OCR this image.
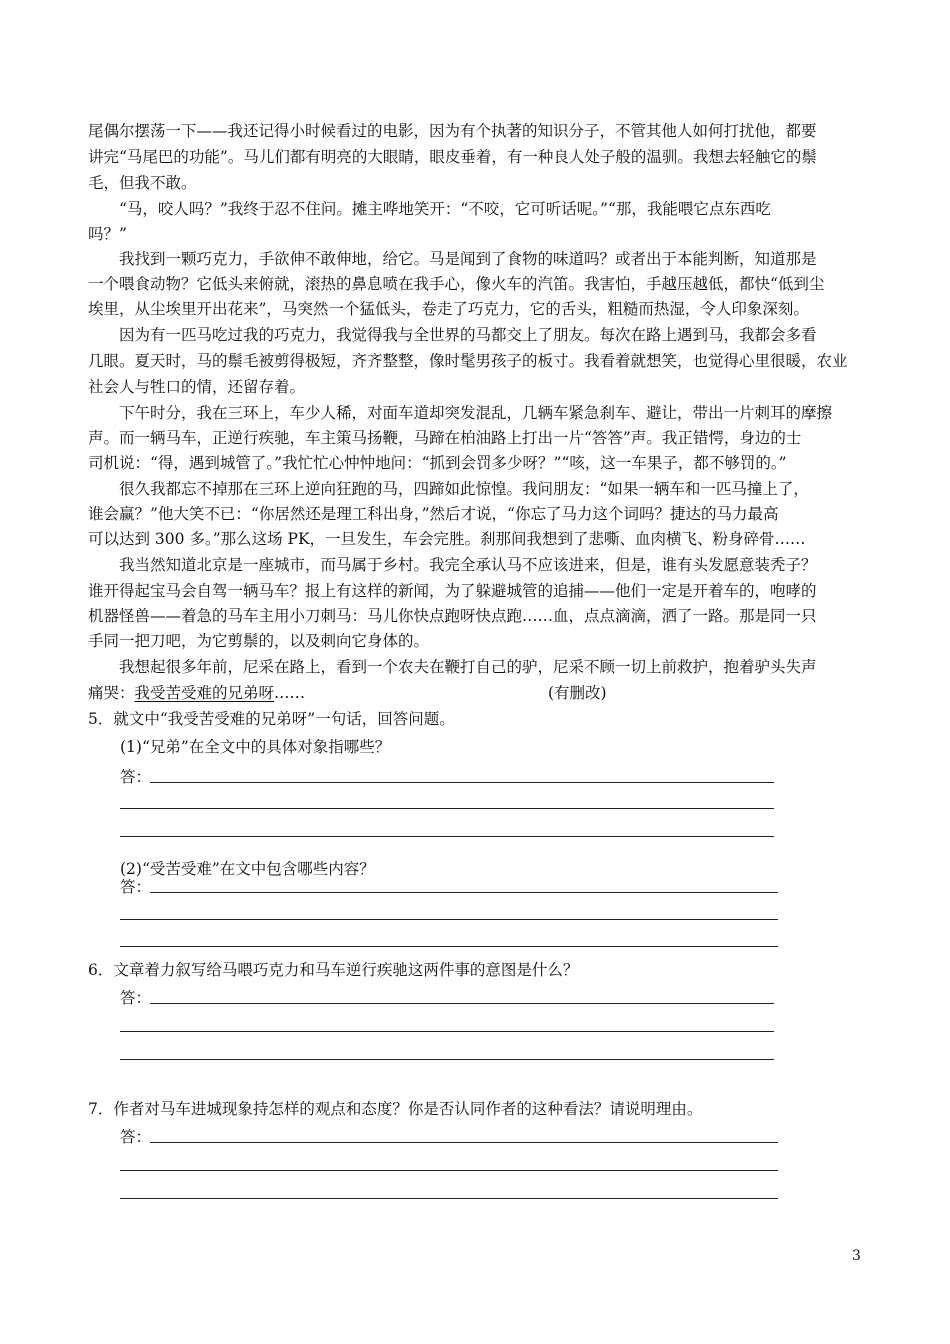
尾偶尔摆荡一下——我还记得小时候看过的电影，因为有个执著的知识分子，不管其他人如何打扰他，都要
讲完“马尾巴的功能”。马儿们都有明亮的大眼睛，眼皮垂着，有一种良人处子般的温驯。我想去轻触它的鬃
毛，但我不敢。
　　“马，咬人吗？”我终于忍不住问。摊主哗地笑开：“不咬，它可听话呢。”“那，我能喂它点东西吃
吗？”
　　我找到一颗巧克力，手欲伸不敢伸地，给它。马是闻到了食物的味道吗？或者出于本能判断，知道那是
一个喂食动物？它低头来俯就，滚热的鼻息喷在我手心，像火车的汽笛。我害怕，手越压越低，都快“低到尘
埃里，从尘埃里开出花来”，马突然一个猛低头，卷走了巧克力，它的舌头，粗糙而热湿，令人印象深刻。
　　因为有一匹马吃过我的巧克力，我觉得我与全世界的马都交上了朋友。每次在路上遇到马，我都会多看
几眼。夏天时，马的鬃毛被剪得极短，齐齐整整，像时髦男孩子的板寸。我看着就想笑，也觉得心里很暖，农业
社会人与牲口的情，还留存着。
　　下午时分，我在三环上，车少人稀，对面车道却突发混乱，几辆车紧急刹车、避让，带出一片刺耳的摩擦
声。而一辆马车，正逆行疾驰，车主策马扬鞭，马蹄在柏油路上打出一片“答答”声。我正错愕，身边的士
司机说：“得，遇到城管了。”我忙忙心忡忡地问：“抓到会罚多少呀？”“咳，这一车果子，都不够罚的。”
　　很久我都忘不掉那在三环上逆向狂跑的马，四蹄如此惊惶。我问朋友：“如果一辆车和一匹马撞上了，
谁会赢？”他大笑不已：“你居然还是理工科出身，”然后才说，“你忘了马力这个词吗？捷达的马力最高
可以达到 300 多。”那么这场 PK，一旦发生，车会完胜。刹那间我想到了悲嘶、血肉横飞、粉身碎骨……
　　我当然知道北京是一座城市，而马属于乡村。我完全承认马不应该进来，但是，谁有头发愿意装秃子？
谁开得起宝马会自驾一辆马车？报上有这样的新闻，为了躲避城管的追捕——他们一定是开着车的，咆哮的
机器怪兽——着急的马车主用小刀刺马：马儿你快点跑呀快点跑……血，点点滴滴，洒了一路。那是同一只
手同一把刀吧，为它剪鬃的，以及刺向它身体的。
　　我想起很多年前，尼采在路上，看到一个农夫在鞭打自己的驴，尼采不顾一切上前救护，抱着驴头失声
痛哭：我受苦受难的兄弟呀……	(有删改)
5．就文中“我受苦受难的兄弟呀”一句话，回答问题。
(1)“兄弟”在全文中的具体对象指哪些？
答：
(2)“受苦受难”在文中包含哪些内容？
答：
6．文章着力叙写给马喂巧克力和马车逆行疾驰这两件事的意图是什么？
答：
7．作者对马车进城现象持怎样的观点和态度？你是否认同作者的这种看法？请说明理由。
答：
3
